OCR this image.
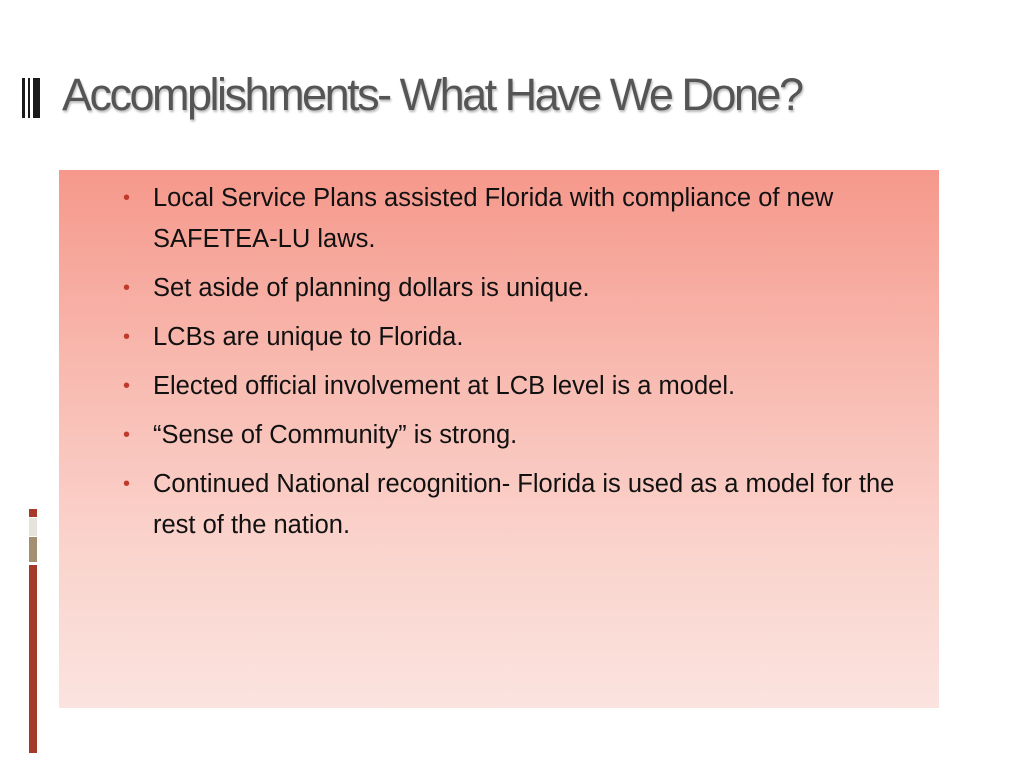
Accomplishments- What Have We Done?
• Local Service Plans assisted Florida with compliance of new SAFETEA-LU laws.
• Set aside of planning dollars is unique.
• LCBs are unique to Florida.
• Elected official involvement at LCB level is a model.
• “Sense of Community” is strong.
• Continued National recognition- Florida is used as a model for the rest of the nation.
